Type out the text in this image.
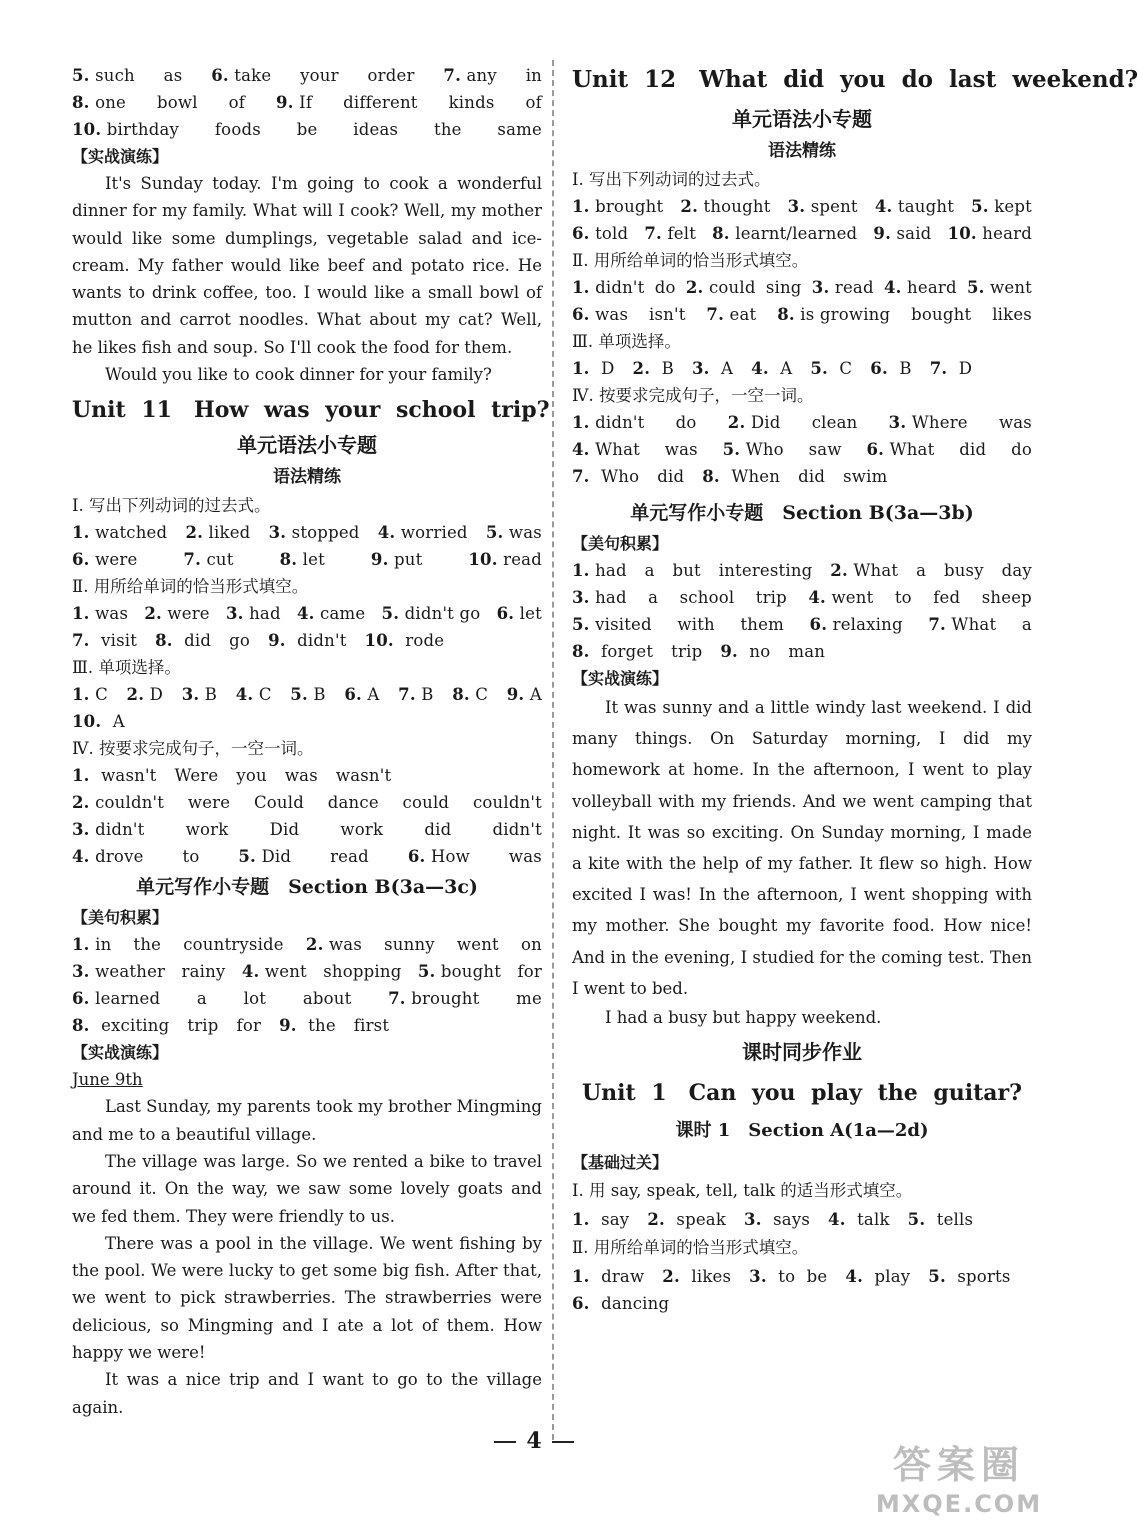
5. such as 6. take your order 7. any in
8. one bowl of 9. If different kinds of
10. birthday foods be ideas the same
【实战演练】
It's Sunday today. I'm going to cook a wonderful dinner for my family. What will I cook? Well, my mother would like some dumplings, vegetable salad and ice-cream. My father would like beef and potato rice. He wants to drink coffee, too. I would like a small bowl of mutton and carrot noodles. What about my cat? Well, he likes fish and soup. So I'll cook the food for them.
Would you like to cook dinner for your family?
Unit 11　How was your school trip?
单元语法小专题
语法精练
Ⅰ. 写出下列动词的过去式。
1. watched 2. liked 3. stopped 4. worried 5. was
6. were	7. cut	8. let	9. put	10. read
Ⅱ. 用所给单词的恰当形式填空。
1. was 2. were 3. had 4. came 5. didn't go 6. let
7. visit 8. did go 9. didn't 10. rode
Ⅲ. 单项选择。
1. C 2. D 3. B 4. C 5. B 6. A 7. B 8. C 9. A
10. A
Ⅳ. 按要求完成句子，一空一词。
1. wasn't Were you was wasn't
2. couldn't were Could dance could couldn't
3. didn't work Did work did didn't
4. drove to 5. Did read 6. How was
单元写作小专题　Section B(3a—3c)
【美句积累】
1. in the countryside 2. was sunny went on
3. weather rainy 4. went shopping 5. bought for
6. learned a lot about 7. brought me
8. exciting trip for 9. the first
【实战演练】
June 9th
Last Sunday, my parents took my brother Mingming and me to a beautiful village.
The village was large. So we rented a bike to travel around it. On the way, we saw some lovely goats and we fed them. They were friendly to us.
There was a pool in the village. We went fishing by the pool. We were lucky to get some big fish. After that, we went to pick strawberries. The strawberries were delicious, so Mingming and I ate a lot of them. How happy we were!
It was a nice trip and I want to go to the village again.
Unit 12　What did you do last weekend?
单元语法小专题
语法精练
Ⅰ. 写出下列动词的过去式。
1. brought 2. thought 3. spent 4. taught 5. kept
6. told 7. felt 8. learnt/learned 9. said 10. heard
Ⅱ. 用所给单词的恰当形式填空。
1. didn't do 2. could sing 3. read 4. heard 5. went
6. was isn't 7. eat 8. is growing bought likes
Ⅲ. 单项选择。
1. D 2. B 3. A 4. A 5. C 6. B 7. D
Ⅳ. 按要求完成句子，一空一词。
1. didn't do 2. Did clean 3. Where was
4. What was 5. Who saw 6. What did do
7. Who did 8. When did swim
单元写作小专题　Section B(3a—3b)
【美句积累】
1. had a but interesting 2. What a busy day
3. had a school trip 4. went to fed sheep
5. visited with them 6. relaxing 7. What a
8. forget trip 9. no man
【实战演练】
It was sunny and a little windy last weekend. I did many things. On Saturday morning, I did my homework at home. In the afternoon, I went to play volleyball with my friends. And we went camping that night. It was so exciting. On Sunday morning, I made a kite with the help of my father. It flew so high. How excited I was! In the afternoon, I went shopping with my mother. She bought my favorite food. How nice! And in the evening, I studied for the coming test. Then I went to bed.
I had a busy but happy weekend.
课时同步作业
Unit 1　Can you play the guitar?
课时 1　Section A(1a—2d)
【基础过关】
Ⅰ. 用 say, speak, tell, talk 的适当形式填空。
1. say 2. speak 3. says 4. talk 5. tells
Ⅱ. 用所给单词的恰当形式填空。
1. draw 2. likes 3. to be 4. play 5. sports
6. dancing
4
答案圈
MXQE.COM
